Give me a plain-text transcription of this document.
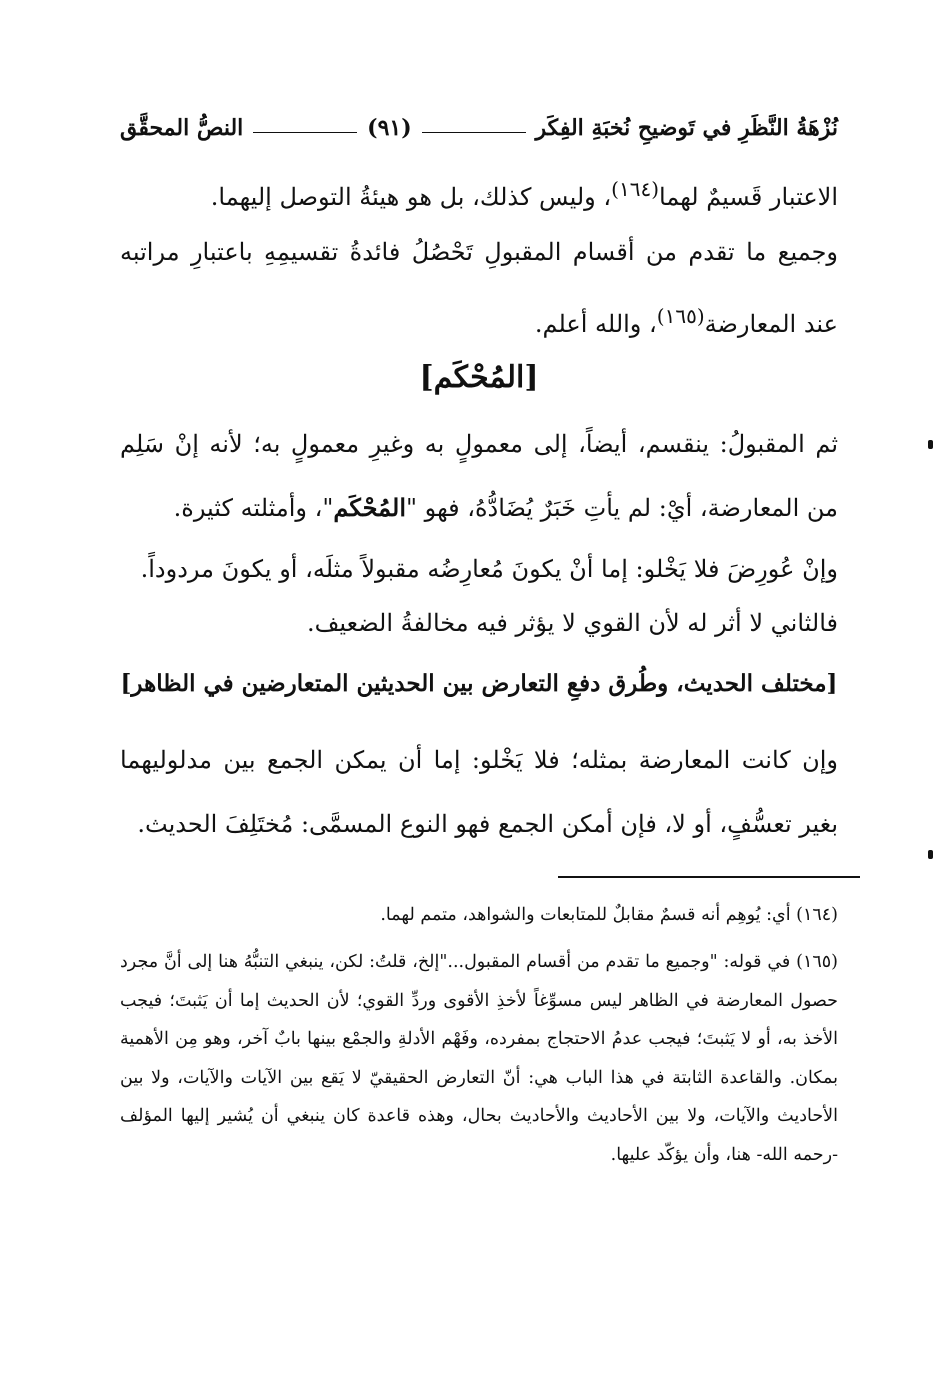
النصُّ المحقَّق	(٩١)	نُزْهَةُ النَّظَرِ في تَوضيحِ نُخبَةِ الفِكَر
الاعتبار قَسيمٌ لهما$^{(١٦٤)}$، وليس كذلك، بل هو هيئةُ التوصل إليهما.
وجميع ما تقدم من أقسام المقبولِ تَحْصُلُ فائدةُ تقسيمِهِ باعتبارِ مراتبه عند المعارضة$^{(١٦٥)}$، والله أعلم.
[المُحْكَم]
ثم المقبولُ: ينقسم، أيضاً، إلى معمولٍ به وغيرِ معمولٍ به؛ لأنه إنْ سَلِم من المعارضة، أيْ: لم يأتِ خَبَرٌ يُضَادُّهُ، فهو "المُحْكَم"، وأمثلته كثيرة.
وإنْ عُورِضَ فلا يَخْلو: إما أنْ يكونَ مُعارِضُه مقبولاً مثلَه، أو يكونَ مردوداً.
فالثاني لا أثر له لأن القوي لا يؤثر فيه مخالفةُ الضعيف.
[مختلف الحديث، وطُرق دفعِ التعارض بين الحديثين المتعارضين في الظاهر]
وإن كانت المعارضة بمثله؛ فلا يَخْلو: إما أن يمكن الجمع بين مدلوليهما بغير تعسُّفٍ، أو لا، فإن أمكن الجمع فهو النوع المسمَّى: مُختَلِفَ الحديث.
(١٦٤) أي: يُوهِم أنه قسمٌ مقابلٌ للمتابعات والشواهد، متمم لهما.
(١٦٥) في قوله: "وجميع ما تقدم من أقسام المقبول..."إلخ، قلتُ: لكن، ينبغي التنبُّهُ هنا إلى أنَّ مجرد حصول المعارضة في الظاهر ليس مسوِّغاً لأخذِ الأقوى وردِّ القوي؛ لأن الحديث إما أن يَثبتَ؛ فيجب الأخذ به، أو لا يَثبتَ؛ فيجب عدمُ الاحتجاج بمفرده، وفَهْم الأدلةِ والجمْع بينها بابٌ آخر، وهو مِن الأهمية بمكان. والقاعدة الثابتة في هذا الباب هي: أنّ التعارض الحقيقيّ لا يَقع بين الآيات والآيات، ولا بين الأحاديث والآيات، ولا بين الأحاديث والأحاديث بحال، وهذه قاعدة كان ينبغي أن يُشير إليها المؤلف -رحمه الله- هنا، وأن يؤكّد عليها.
